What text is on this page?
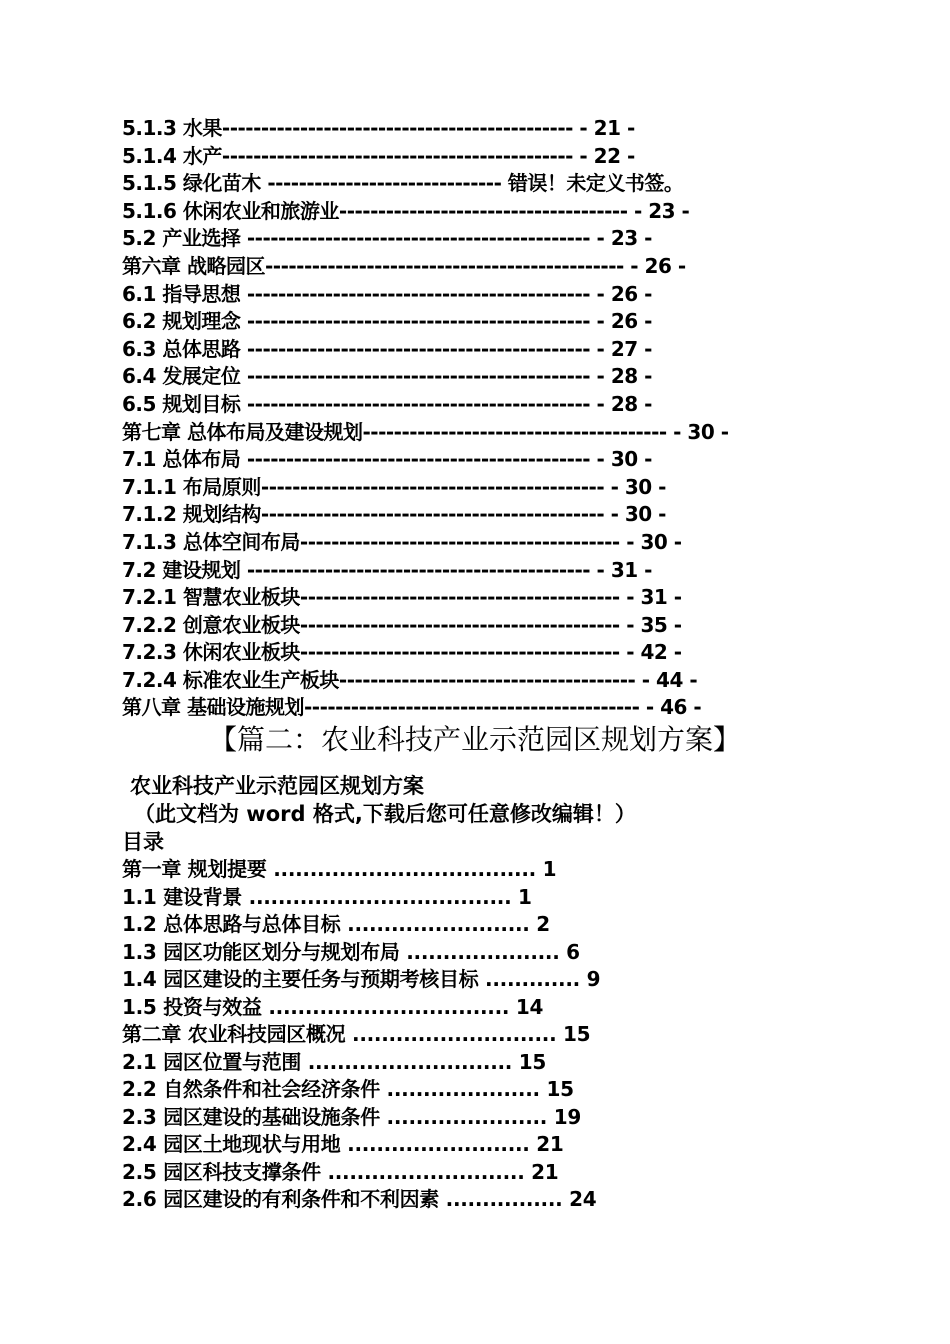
5.1.3 水果--------------------------------------------- - 21 -
5.1.4 水产--------------------------------------------- - 22 -
5.1.5 绿化苗木 ------------------------------ 错误！未定义书签。
5.1.6 休闲农业和旅游业------------------------------------- - 23 -
5.2 产业选择 -------------------------------------------- - 23 -
第六章 战略园区---------------------------------------------- - 26 -
6.1 指导思想 -------------------------------------------- - 26 -
6.2 规划理念 -------------------------------------------- - 26 -
6.3 总体思路 -------------------------------------------- - 27 -
6.4 发展定位 -------------------------------------------- - 28 -
6.5 规划目标 -------------------------------------------- - 28 -
第七章 总体布局及建设规划--------------------------------------- - 30 -
7.1 总体布局 -------------------------------------------- - 30 -
7.1.1 布局原则-------------------------------------------- - 30 -
7.1.2 规划结构-------------------------------------------- - 30 -
7.1.3 总体空间布局----------------------------------------- - 30 -
7.2 建设规划 -------------------------------------------- - 31 -
7.2.1 智慧农业板块----------------------------------------- - 31 -
7.2.2 创意农业板块----------------------------------------- - 35 -
7.2.3 休闲农业板块----------------------------------------- - 42 -
7.2.4 标准农业生产板块-------------------------------------- - 44 -
第八章 基础设施规划------------------------------------------- - 46 -
【篇二：农业科技产业示范园区规划方案】
农业科技产业示范园区规划方案
（此文档为 word 格式,下载后您可任意修改编辑！）
目录
第一章 规划提要 .................................... 1
1.1 建设背景 .................................... 1
1.2 总体思路与总体目标 ......................... 2
1.3 园区功能区划分与规划布局 ..................... 6
1.4 园区建设的主要任务与预期考核目标 ............. 9
1.5 投资与效益 ................................. 14
第二章 农业科技园区概况 ............................ 15
2.1 园区位置与范围 ............................ 15
2.2 自然条件和社会经济条件 ..................... 15
2.3 园区建设的基础设施条件 ...................... 19
2.4 园区土地现状与用地 ......................... 21
2.5 园区科技支撑条件 ........................... 21
2.6 园区建设的有利条件和不利因素 ................ 24
